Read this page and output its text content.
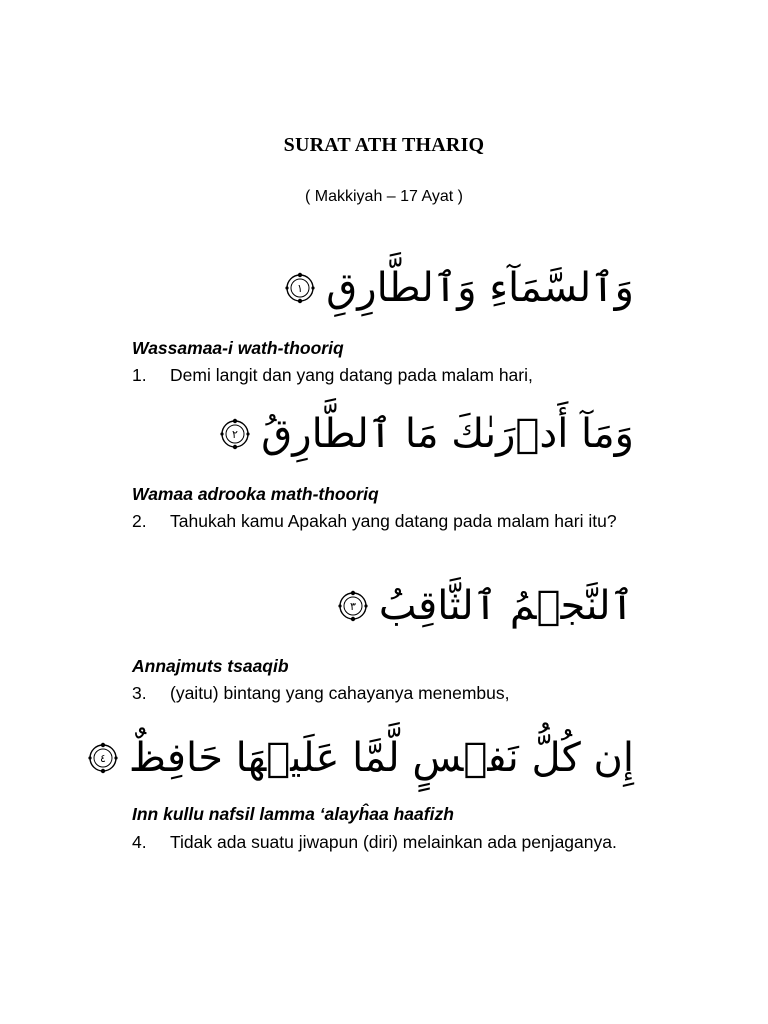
SURAT ATH THARIQ
( Makkiyah – 17 Ayat )
وَٱلسَّمَآءِ وَٱلطَّارِقِ
١
Wassamaa-i wath-thooriq
1.	Demi langit dan yang datang pada malam hari,
وَمَآ أَدۡرَىٰكَ مَا ٱلطَّارِقُ
٢
Wamaa adrooka math-thooriq
2.	Tahukah kamu Apakah yang datang pada malam hari itu?
ٱلنَّجۡمُ ٱلثَّاقِبُ
٣
Annajmuts tsaaqib
3.	(yaitu) bintang yang cahayanya menembus,
إِن كُلُّ نَفۡسٍ لَّمَّا عَلَيۡهَا حَافِظٌ
٤
Inn kullu nafsil lamma ‘alayĥaa haafizh
4.	Tidak ada suatu jiwapun (diri) melainkan ada penjaganya.
